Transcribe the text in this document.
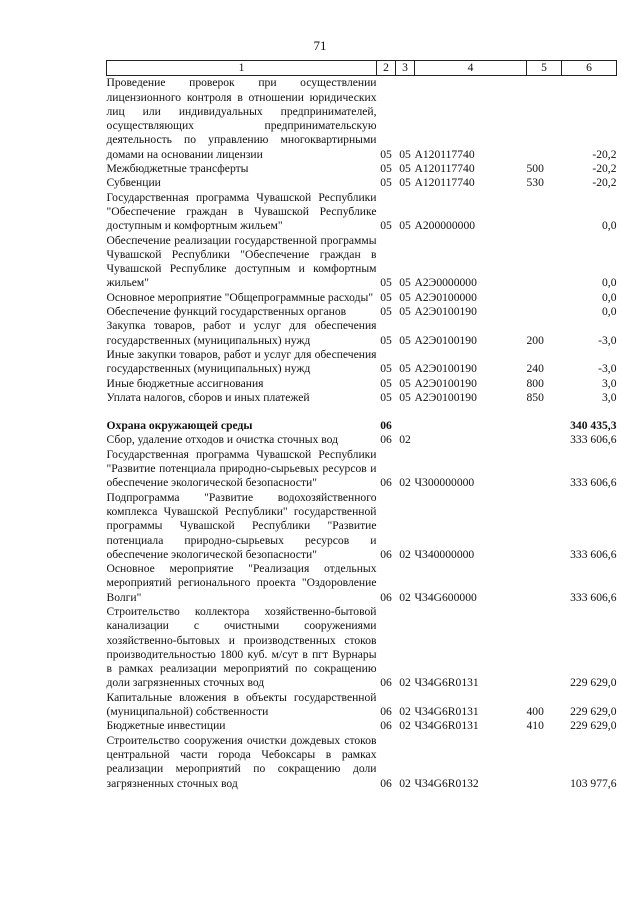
71
1	2	3	4	5	6
Проведение проверок при осуществлении лицензионного контроля в отношении юридических лиц или индивидуальных предпринимателей, осуществляющих предпринимательскую деятельность по управлению многоквартирными домами на основании лицензии	05	05	А120117740		-20,2
Межбюджетные трансферты	05	05	А120117740	500	-20,2
Субвенции	05	05	А120117740	530	-20,2
Государственная программа Чувашской Республики "Обеспечение граждан в Чувашской Республике доступным и комфортным жильем"	05	05	А200000000		0,0
Обеспечение реализации государственной программы Чувашской Республики "Обеспечение граждан в Чувашской Республике доступным и комфортным жильем"	05	05	А2Э0000000		0,0
Основное мероприятие "Общепрограммные расходы"	05	05	А2Э0100000		0,0
Обеспечение функций государственных органов	05	05	А2Э0100190		0,0
Закупка товаров, работ и услуг для обеспечения государственных (муниципальных) нужд	05	05	А2Э0100190	200	-3,0
Иные закупки товаров, работ и услуг для обеспечения государственных (муниципальных) нужд	05	05	А2Э0100190	240	-3,0
Иные бюджетные ассигнования	05	05	А2Э0100190	800	3,0
Уплата налогов, сборов и иных платежей	05	05	А2Э0100190	850	3,0

Охрана окружающей среды	06				340 435,3
Сбор, удаление отходов и очистка сточных вод	06	02			333 606,6
Государственная программа Чувашской Республики "Развитие потенциала природно-сырьевых ресурсов и обеспечение экологической безопасности"	06	02	Ч300000000		333 606,6
Подпрограмма "Развитие водохозяйственного комплекса Чувашской Республики" государственной программы Чувашской Республики "Развитие потенциала природно-сырьевых ресурсов и обеспечение экологической безопасности"	06	02	Ч340000000		333 606,6
Основное мероприятие "Реализация отдельных мероприятий регионального проекта "Оздоровление Волги"	06	02	Ч34G600000		333 606,6
Строительство коллектора хозяйственно-бытовой канализации с очистными сооружениями хозяйственно-бытовых и производственных стоков производительностью 1800 куб. м/сут в пгт Вурнары в рамках реализации мероприятий по сокращению доли загрязненных сточных вод	06	02	Ч34G6R0131		229 629,0
Капитальные вложения в объекты государственной (муниципальной) собственности	06	02	Ч34G6R0131	400	229 629,0
Бюджетные инвестиции	06	02	Ч34G6R0131	410	229 629,0
Строительство сооружения очистки дождевых стоков центральной части города Чебоксары в рамках реализации мероприятий по сокращению доли загрязненных сточных вод	06	02	Ч34G6R0132		103 977,6
